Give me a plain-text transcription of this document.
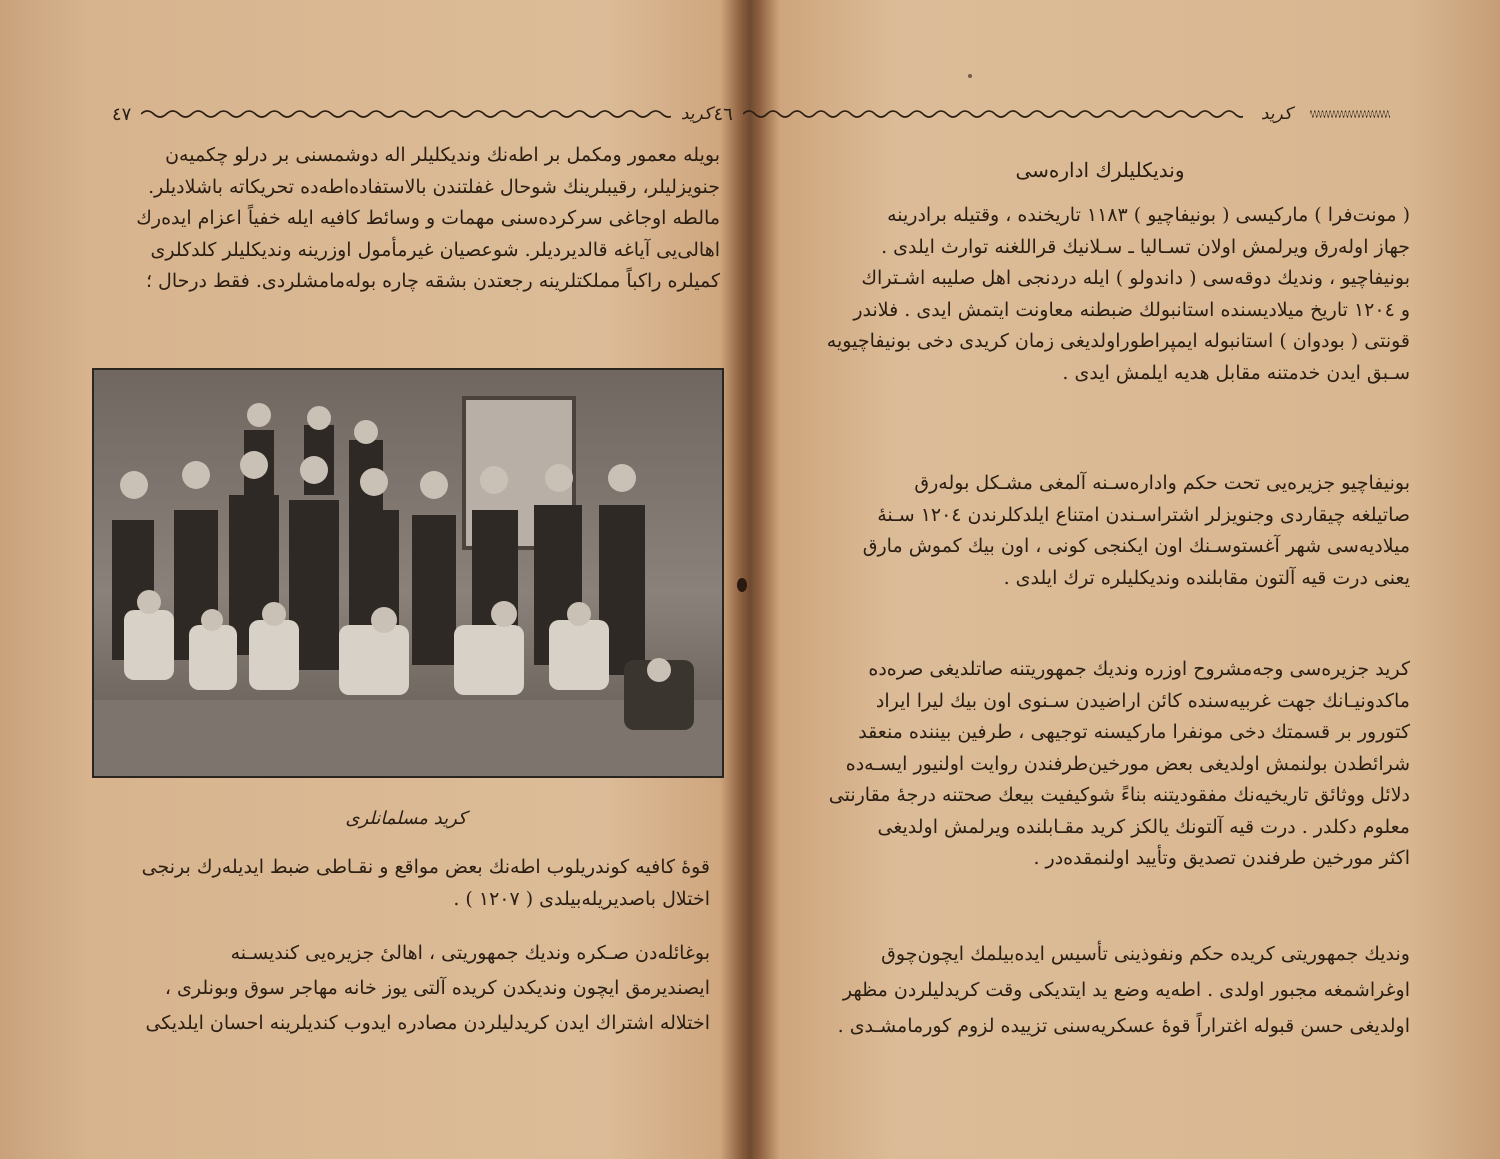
کرید
٤٧

بویله معمور ومکمل بر اطه‌نك وندیكلیلر اله دوشمسنی بر درلو چكمیه‌ن

جنویزلیلر، رقیبلرینك شوحال غفلتندن بالاستفاده‌اطه‌ده تحریكاته باشلادیلر.

مالطه اوجاغی سرکرده‌سنی مهمات و وسائط کافیه ایله خفیاً اعزام ایده‌رك

اهالی‌یی آیاغه قالدیردیلر. شوعصیان غیرمأمول اوزرینه وندیكلیلر کلدکلری

کمیلره راکباً مملکتلرینه رجعتدن بشقه چاره بوله‌مامشلردی. فقط درحال ؛

کرید مسلمانلری

قوهٔ کافیه کوندریلوب اطه‌نك بعض مواقع و نقـاطی ضبط ایدیله‌رك برنجی

اختلال باصدیریله‌بیلدی ( ١٢٠٧ ) .

بوغائله‌دن صـكره وندیك جمهوریتی ، اهالیٔ جزیره‌یی کندیسـنه

ایصندیرمق ایچون وندیكدن کریده آلتی یوز خانه مهاجر سوق وبونلری ،

اختلاله اشتراك ایدن کریدلیلردن مصادره ایدوب کندیلرینه احسان ایلدیكی

کرید
٤٦
وندیكلیلرك اداره‌سی

( مونت‌فرا ) مارکیسی ( بونیفاچیو ) ١١٨٣ تاریخنده ، وقتیله برادرینه

جهاز اوله‌رق ویرلمش اولان تسـالیا ـ سـلانیك قراللغنه توارث ایلدی .

بونیفاچیو ، وندیك دوقه‌سی ( داندولو ) ایله دردنجی اهل صلیبه اشـتراك

و ١٢٠٤ تاریخ میلادیسنده استانبولك ضبطنه معاونت ایتمش ایدی . فلاندر

قونتی ( بودوان ) استانبوله ایمپراطوراولدیغی زمان کریدی دخی بونیفاچیویه

سـبق ایدن خدمتنه مقابل هدیه ایلمش ایدی .

بونیفاچیو جزیره‌یی تحت حکم واداره‌سـنه آلمغی مشـکل بوله‌رق

صاتیلغه چیقاردی وجنویزلر اشتراسـندن امتناع ایلدکلرندن ١٢٠٤ سـنهٔ

میلادیه‌سی شهر آغستوسـنك اون ایکنجی کونی ، اون بیك کموش مارق

یعنی درت قیه آلتون مقابلنده وندیكلیلره ترك ایلدی .

کرید جزیره‌سی وجه‌مشروح اوزره وندیك جمهوریتنه صاتلدیغی صره‌ده

ماکدونیـانك جهت غربیه‌سنده کائن اراضیدن سـنوی اون بیك لیرا ایراد

کتورور بر قسمتك دخی مونفرا مارکیسنه توجیهی ، طرفین بیننده منعقد

شرائطدن بولنمش اولدیغی بعض مورخین‌طرفندن روایت اولنیور ایسـه‌ده

دلائل ووثائق تاریخیه‌نك مفقودیتنه بناءً شوکیفیت بیعك صحتنه درجهٔ مقارنتی

معلوم دکلدر . درت قیه آلتونك یالکز کرید مقـابلنده ویرلمش اولدیغی

اکثر مورخین طرفندن تصدیق وتأیید اولنمقده‌در .

وندیك جمهوریتی کریده حکم ونفوذینی تأسیس ایده‌بیلمك ایچون‌چوق

اوغراشمغه مجبور اولدی . اطه‌یه وضع ید ایتدیکی وقت کریدلیلردن مظهر

اولدیغی حسن قبوله اغتراراً قوهٔ عسکریه‌سنی تزییده لزوم کورمامشـدی .
